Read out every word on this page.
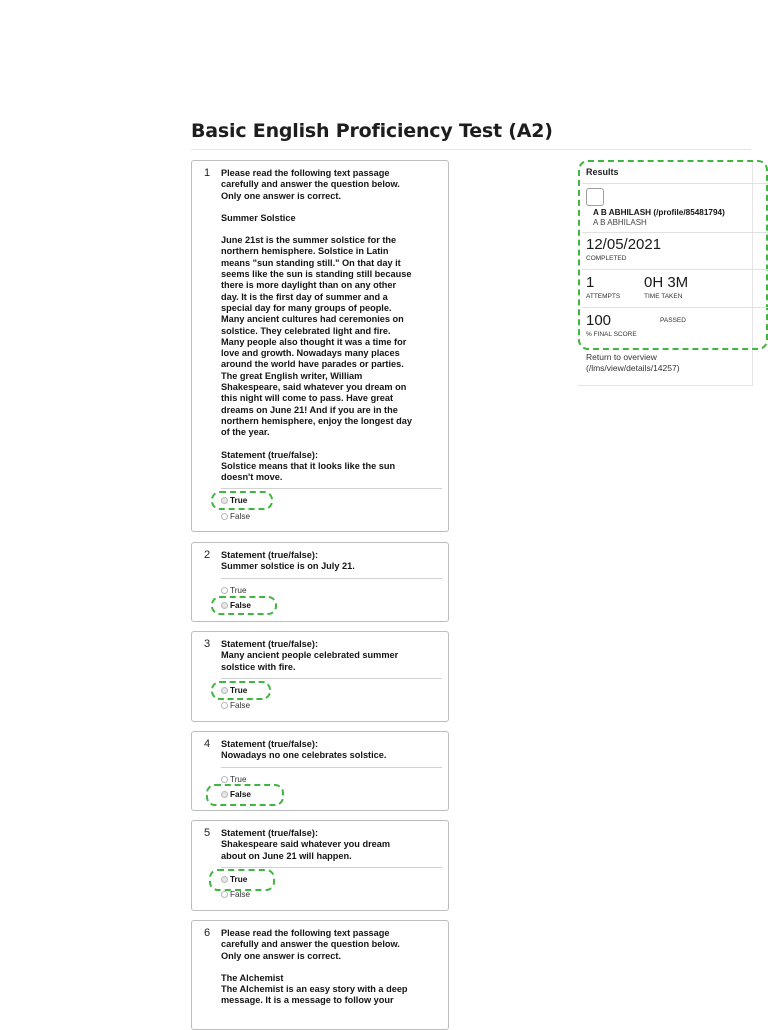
Basic English Proficiency Test (A2)
1 Please read the following text passage

carefully and answer the question below.

Only one answer is correct.

Summer Solstice

June 21st is the summer solstice for the

northern hemisphere. Solstice in Latin

means "sun standing still." On that day it

seems like the sun is standing still because

there is more daylight than on any other

day. It is the first day of summer and a

special day for many groups of people.

Many ancient cultures had ceremonies on

solstice. They celebrated light and fire.

Many people also thought it was a time for

love and growth. Nowadays many places

around the world have parades or parties.

The great English writer, William

Shakespeare, said whatever you dream on

this night will come to pass. Have great

dreams on June 21! And if you are in the

northern hemisphere, enjoy the longest day

of the year.

Statement (true/false):

Solstice means that it looks like the sun

doesn't move.

True
False
2 Statement (true/false):

Summer solstice is on July 21.

True
False
3 Statement (true/false):

Many ancient people celebrated summer

solstice with fire.

True
False
4 Statement (true/false):

Nowadays no one celebrates solstice.

True
False
5 Statement (true/false):

Shakespeare said whatever you dream

about on June 21 will happen.

True
False
6 Please read the following text passage

carefully and answer the question below.

Only one answer is correct.

The Alchemist

The Alchemist is an easy story with a deep

message. It is a message to follow your

Results
A B ABHILASH (/profile/85481794)
A B ABHILASH
12/05/2021
COMPLETED
1
ATTEMPTS
0H 3M
TIME TAKEN
100	PASSED
% FINAL SCORE
Return to overview
(/lms/view/details/14257)
